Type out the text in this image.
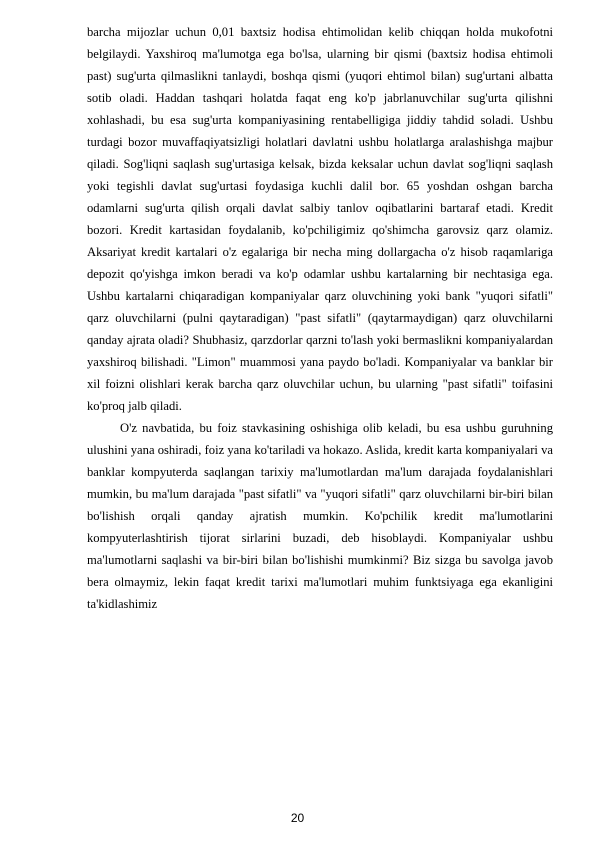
barcha mijozlar uchun 0,01 baxtsiz hodisa ehtimolidan kelib chiqqan holda mukofotni belgilaydi. Yaxshiroq ma'lumotga ega bo'lsa, ularning bir qismi (baxtsiz hodisa ehtimoli past) sug'urta qilmaslikni tanlaydi, boshqa qismi (yuqori ehtimol bilan) sug'urtani albatta sotib oladi. Haddan tashqari holatda faqat eng ko'p jabrlanuvchilar sug'urta qilishni xohlashadi, bu esa sug'urta kompaniyasining rentabelligiga jiddiy tahdid soladi. Ushbu turdagi bozor muvaffaqiyatsizligi holatlari davlatni ushbu holatlarga aralashishga majbur qiladi. Sog'liqni saqlash sug'urtasiga kelsak, bizda keksalar uchun davlat sog'liqni saqlash yoki tegishli davlat sug'urtasi foydasiga kuchli dalil bor. 65 yoshdan oshgan barcha odamlarni sug'urta qilish orqali davlat salbiy tanlov oqibatlarini bartaraf etadi. Kredit bozori. Kredit kartasidan foydalanib, ko'pchiligimiz qo'shimcha garovsiz qarz olamiz. Aksariyat kredit kartalari o'z egalariga bir necha ming dollargacha o'z hisob raqamlariga depozit qo'yishga imkon beradi va ko'p odamlar ushbu kartalarning bir nechtasiga ega. Ushbu kartalarni chiqaradigan kompaniyalar qarz oluvchining yoki bank "yuqori sifatli" qarz oluvchilarni (pulni qaytaradigan) "past sifatli" (qaytarmaydigan) qarz oluvchilarni qanday ajrata oladi? Shubhasiz, qarzdorlar qarzni to'lash yoki bermaslikni kompaniyalardan yaxshiroq bilishadi. "Limon" muammosi yana paydo bo'ladi. Kompaniyalar va banklar bir xil foizni olishlari kerak barcha qarz oluvchilar uchun, bu ularning "past sifatli" toifasini ko'proq jalb qiladi.

O'z navbatida, bu foiz stavkasining oshishiga olib keladi, bu esa ushbu guruhning ulushini yana oshiradi, foiz yana ko'tariladi va hokazo. Aslida, kredit karta kompaniyalari va banklar kompyuterda saqlangan tarixiy ma'lumotlardan ma'lum darajada foydalanishlari mumkin, bu ma'lum darajada "past sifatli" va "yuqori sifatli" qarz oluvchilarni bir-biri bilan bo'lishish orqali qanday ajratish mumkin. Ko'pchilik kredit ma'lumotlarini kompyuterlashtirish tijorat sirlarini buzadi, deb hisoblaydi. Kompaniyalar ushbu ma'lumotlarni saqlashi va bir-biri bilan bo'lishishi mumkinmi? Biz sizga bu savolga javob bera olmaymiz, lekin faqat kredit tarixi ma'lumotlari muhim funktsiyaga ega ekanligini ta'kidlashimiz

20
